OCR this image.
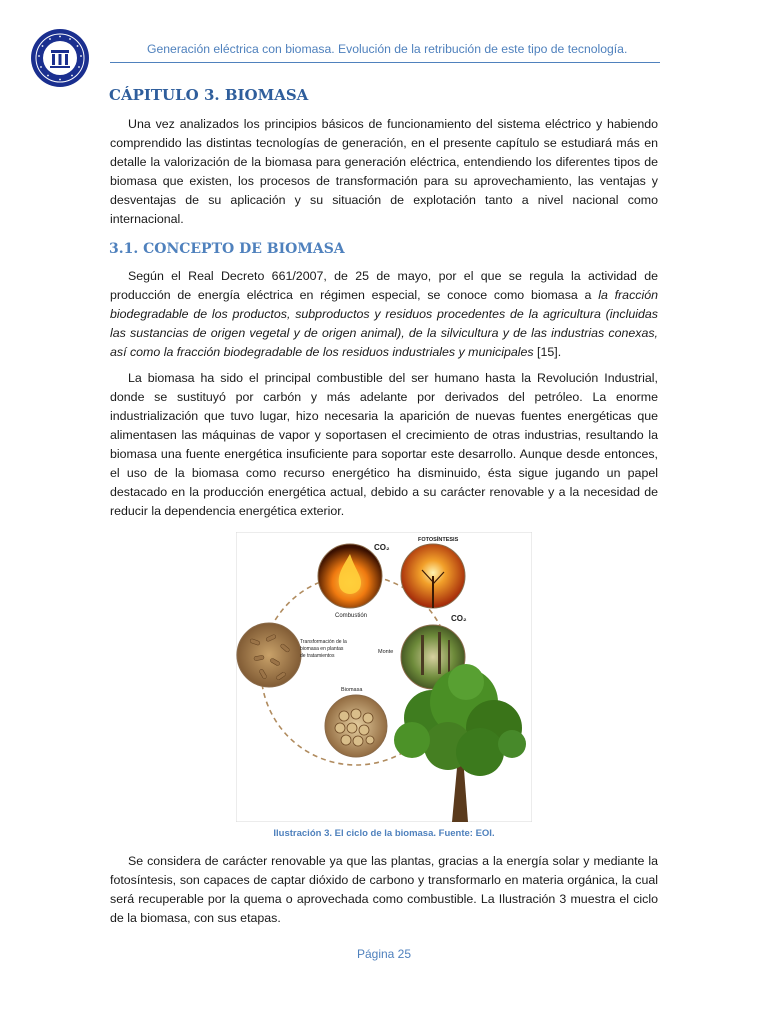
Generación eléctrica con biomasa. Evolución de la retribución de este tipo de tecnología.
CÁPITULO 3. BIOMASA

Una vez analizados los principios básicos de funcionamiento del sistema eléctrico y habiendo comprendido las distintas tecnologías de generación, en el presente capítulo se estudiará más en detalle la valorización de la biomasa para generación eléctrica, entendiendo los diferentes tipos de biomasa que existen, los procesos de transformación para su aprovechamiento, las ventajas y desventajas de su aplicación y su situación de explotación tanto a nivel nacional como internacional.

3.1. CONCEPTO DE BIOMASA

Según el Real Decreto 661/2007, de 25 de mayo, por el que se regula la actividad de producción de energía eléctrica en régimen especial, se conoce como biomasa a la fracción biodegradable de los productos, subproductos y residuos procedentes de la agricultura (incluidas las sustancias de origen vegetal y de origen animal), de la silvicultura y de las industrias conexas, así como la fracción biodegradable de los residuos industriales y municipales [15].

La biomasa ha sido el principal combustible del ser humano hasta la Revolución Industrial, donde se sustituyó por carbón y más adelante por derivados del petróleo. La enorme industrialización que tuvo lugar, hizo necesaria la aparición de nuevas fuentes energéticas que alimentasen las máquinas de vapor y soportasen el crecimiento de otras industrias, resultando la biomasa una fuente energética insuficiente para soportar este desarrollo. Aunque desde entonces, el uso de la biomasa como recurso energético ha disminuido, ésta sigue jugando un papel destacado en la producción energética actual, debido a su carácter renovable y a la necesidad de reducir la dependencia energética exterior.

CO₂
Combustión
FOTOSÍNTESIS
CO₂
Monte
Transformación de la
biomasa en plantas
de tratamientos
Biomasa
Ilustración 3. El ciclo de la biomasa. Fuente: EOI.

Se considera de carácter renovable ya que las plantas, gracias a la energía solar y mediante la fotosíntesis, son capaces de captar dióxido de carbono y transformarlo en materia orgánica, la cual será recuperable por la quema o aprovechada como combustible. La Ilustración 3 muestra el ciclo de la biomasa, con sus etapas.

Página 25
